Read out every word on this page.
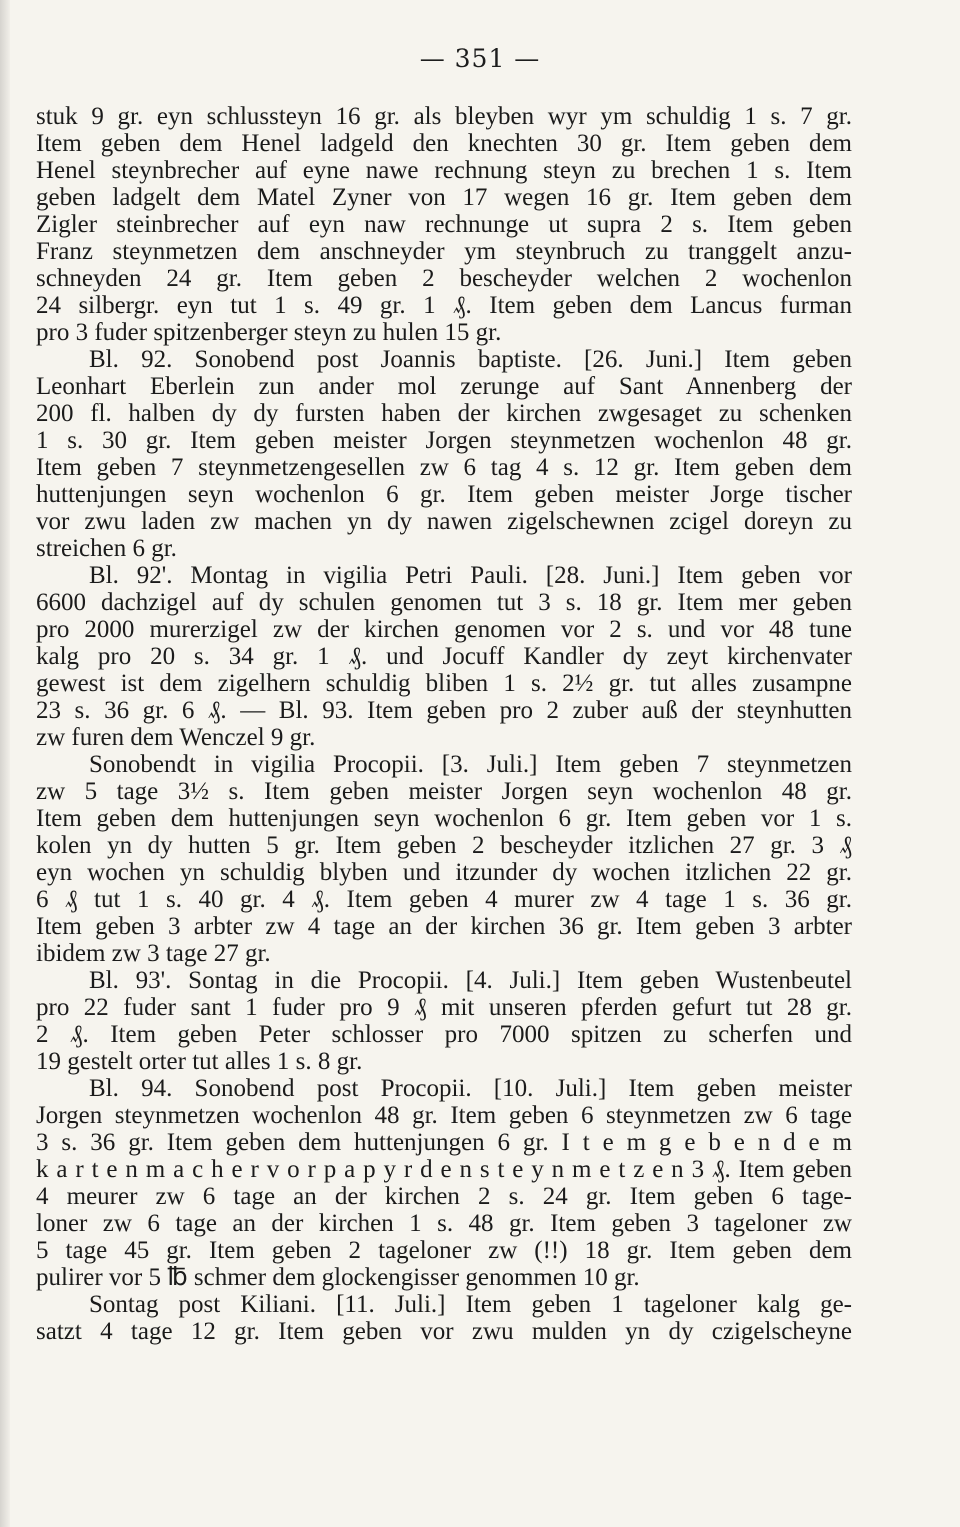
— 351 —
stuk 9 gr. eyn schlussteyn 16 gr. als bleyben wyr ym schuldig 1 s. 7 gr.
Item geben dem Henel ladgeld den knechten 30 gr. Item geben dem
Henel steynbrecher auf eyne nawe rechnung steyn zu brechen 1 s. Item
geben ladgelt dem Matel Zyner von 17 wegen 16 gr. Item geben dem
Zigler steinbrecher auf eyn naw rechnunge ut supra 2 s. Item geben
Franz steynmetzen dem anschneyder ym steynbruch zu tranggelt anzu-
schneyden 24 gr. Item geben 2 bescheyder welchen 2 wochenlon
24 silbergr. eyn tut 1 s. 49 gr. 1 ₰. Item geben dem Lancus furman
pro 3 fuder spitzenberger steyn zu hulen 15 gr.
Bl. 92. Sonobend post Joannis baptiste. [26. Juni.] Item geben
Leonhart Eberlein zun ander mol zerunge auf Sant Annenberg der
200 fl. halben dy dy fursten haben der kirchen zwgesaget zu schenken
1 s. 30 gr. Item geben meister Jorgen steynmetzen wochenlon 48 gr.
Item geben 7 steynmetzengesellen zw 6 tag 4 s. 12 gr. Item geben dem
huttenjungen seyn wochenlon 6 gr. Item geben meister Jorge tischer
vor zwu laden zw machen yn dy nawen zigelschewnen zcigel doreyn zu
streichen 6 gr.
Bl. 92'. Montag in vigilia Petri Pauli. [28. Juni.] Item geben vor
6600 dachzigel auf dy schulen genomen tut 3 s. 18 gr. Item mer geben
pro 2000 murerzigel zw der kirchen genomen vor 2 s. und vor 48 tune
kalg pro 20 s. 34 gr. 1 ₰. und Jocuff Kandler dy zeyt kirchenvater
gewest ist dem zigelhern schuldig bliben 1 s. 2½ gr. tut alles zusampne
23 s. 36 gr. 6 ₰. — Bl. 93. Item geben pro 2 zuber auß der steynhutten
zw furen dem Wenczel 9 gr.
Sonobendt in vigilia Procopii. [3. Juli.] Item geben 7 steynmetzen
zw 5 tage 3½ s. Item geben meister Jorgen seyn wochenlon 48 gr.
Item geben dem huttenjungen seyn wochenlon 6 gr. Item geben vor 1 s.
kolen yn dy hutten 5 gr. Item geben 2 bescheyder itzlichen 27 gr. 3 ₰
eyn wochen yn schuldig blyben und itzunder dy wochen itzlichen 22 gr.
6 ₰ tut 1 s. 40 gr. 4 ₰. Item geben 4 murer zw 4 tage 1 s. 36 gr.
Item geben 3 arbter zw 4 tage an der kirchen 36 gr. Item geben 3 arbter
ibidem zw 3 tage 27 gr.
Bl. 93'. Sontag in die Procopii. [4. Juli.] Item geben Wustenbeutel
pro 22 fuder sant 1 fuder pro 9 ₰ mit unseren pferden gefurt tut 28 gr.
2 ₰. Item geben Peter schlosser pro 7000 spitzen zu scherfen und
19 gestelt orter tut alles 1 s. 8 gr.
Bl. 94. Sonobend post Procopii. [10. Juli.] Item geben meister
Jorgen steynmetzen wochenlon 48 gr. Item geben 6 steynmetzen zw 6 tage
3 s. 36 gr. Item geben dem huttenjungen 6 gr. I t e m g e b e n d e m
k a r t e n m a c h e r v o r p a p y r d e n s t e y n m e t z e n 3 ₰. Item geben
4 meurer zw 6 tage an der kirchen 2 s. 24 gr. Item geben 6 tage-
loner zw 6 tage an der kirchen 1 s. 48 gr. Item geben 3 tageloner zw
5 tage 45 gr. Item geben 2 tageloner zw (!!) 18 gr. Item geben dem
pulirer vor 5 ℔ schmer dem glockengisser genommen 10 gr.
Sontag post Kiliani. [11. Juli.] Item geben 1 tageloner kalg ge-
satzt 4 tage 12 gr. Item geben vor zwu mulden yn dy czigelscheyne
